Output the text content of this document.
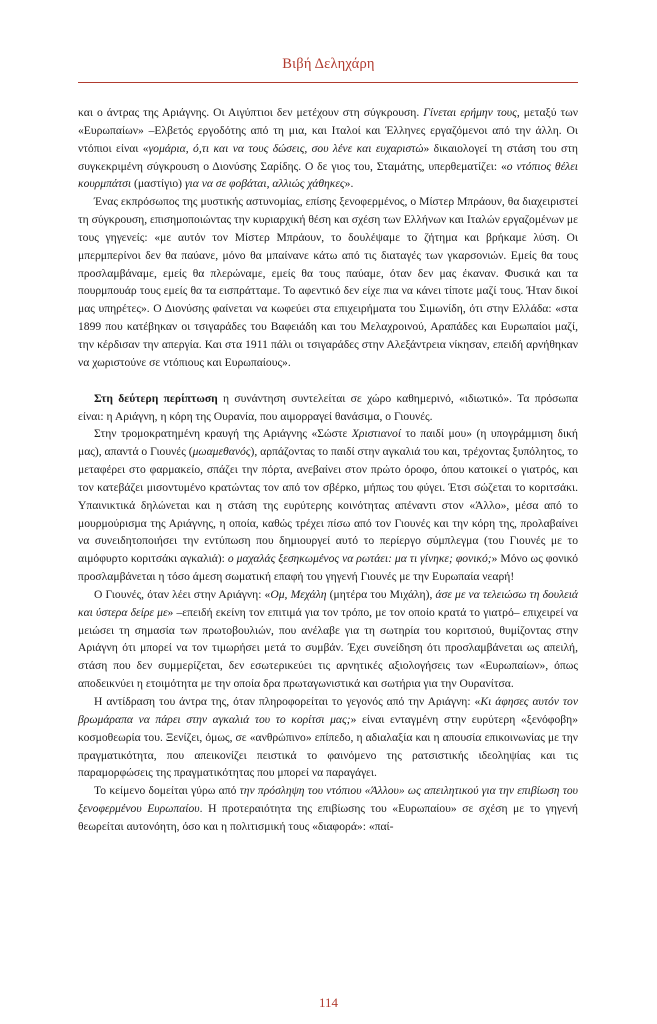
Βιβή Δεληχάρη

και ο άντρας της Αριάγνης. Οι Αιγύπτιοι δεν μετέχουν στη σύγκρουση. Γίνεται ερήμην τους, μεταξύ των «Ευρωπαίων» –Ελβετός εργοδότης από τη μια, και Ιταλοί και Έλληνες εργαζόμενοι από την άλλη. Οι ντόπιοι είναι «γομάρια, ό,τι και να τους δώσεις, σου λένε και ευχαριστώ» δικαιολογεί τη στάση του στη συγκεκριμένη σύγκρουση ο Διονύσης Σαρίδης. Ο δε γιος του, Σταμάτης, υπερθεματίζει: «ο ντόπιος θέλει κουρμπάτσι (μαστίγιο) για να σε φοβάται, αλλιώς χάθηκες».

Ένας εκπρόσωπος της μυστικής αστυνομίας, επίσης ξενοφερμένος, ο Μίστερ Μπράουν, θα διαχειριστεί τη σύγκρουση, επισημοποιώντας την κυριαρχική θέση και σχέση των Ελλήνων και Ιταλών εργαζομένων με τους γηγενείς: «με αυτόν τον Μίστερ Μπράουν, το δουλέψαμε το ζήτημα και βρήκαμε λύση. Οι μπερμπερίνοι δεν θα παύανε, μόνο θα μπαίνανε κάτω από τις διαταγές των γκαρσονιών. Εμείς θα τους προσλαμβάναμε, εμείς θα πλερώναμε, εμείς θα τους παύαμε, όταν δεν μας έκαναν. Φυσικά και τα πουρμπουάρ τους εμείς θα τα εισπράτταμε. Το αφεντικό δεν είχε πια να κάνει τίποτε μαζί τους. Ήταν δικοί μας υπηρέτες». Ο Διονύσης φαίνεται να κωφεύει στα επιχειρήματα του Σιμωνίδη, ότι στην Ελλάδα: «στα 1899 που κατέβηκαν οι τσιγαράδες του Βαφειάδη και του Μελαχροινού, Αραπάδες και Ευρωπαίοι μαζί, την κέρδισαν την απεργία. Και στα 1911 πάλι οι τσιγαράδες στην Αλεξάντρεια νίκησαν, επειδή αρνήθηκαν να χωριστούνε σε ντόπιους και Ευρωπαίους».

Στη δεύτερη περίπτωση η συνάντηση συντελείται σε χώρο καθημερινό, «ιδιωτικό». Τα πρόσωπα είναι: η Αριάγνη, η κόρη της Ουρανία, που αιμορραγεί θανάσιμα, ο Γιουνές.

Στην τρομοκρατημένη κραυγή της Αριάγνης «Σώστε Χριστιανοί το παιδί μου» (η υπογράμμιση δική μας), απαντά ο Γιουνές (μωαμεθανός), αρπάζοντας το παιδί στην αγκαλιά του και, τρέχοντας ξυπόλητος, το μεταφέρει στο φαρμακείο, σπάζει την πόρτα, ανεβαίνει στον πρώτο όροφο, όπου κατοικεί ο γιατρός, και τον κατεβάζει μισοντυμένο κρατώντας τον από τον σβέρκο, μήπως του φύγει. Έτσι σώζεται το κοριτσάκι. Υπαινικτικά δηλώνεται και η στάση της ευρύτερης κοινότητας απέναντι στον «Άλλο», μέσα από το μουρμούρισμα της Αριάγνης, η οποία, καθώς τρέχει πίσω από τον Γιουνές και την κόρη της, προλαβαίνει να συνειδητοποιήσει την εντύπωση που δημιουργεί αυτό το περίεργο σύμπλεγμα (του Γιουνές με το αιμόφυρτο κοριτσάκι αγκαλιά): ο μαχαλάς ξεσηκωμένος να ρωτάει: μα τι γίνηκε; φονικό;» Μόνο ως φονικό προσλαμβάνεται η τόσο άμεση σωματική επαφή του γηγενή Γιουνές με την Ευρωπαία νεαρή!

Ο Γιουνές, όταν λέει στην Αριάγνη: «Ομ, Μεχάλη (μητέρα του Μιχάλη), άσε με να τελειώσω τη δουλειά και ύστερα δείρε με» –επειδή εκείνη τον επιτιμά για τον τρόπο, με τον οποίο κρατά το γιατρό– επιχειρεί να μειώσει τη σημασία των πρωτοβουλιών, που ανέλαβε για τη σωτηρία του κοριτσιού, θυμίζοντας στην Αριάγνη ότι μπορεί να τον τιμωρήσει μετά το συμβάν. Έχει συνείδηση ότι προσλαμβάνεται ως απειλή, στάση που δεν συμμερίζεται, δεν εσωτερικεύει τις αρνητικές αξιολογήσεις των «Ευρωπαίων», όπως αποδεικνύει η ετοιμότητα με την οποία δρα πρωταγωνιστικά και σωτήρια για την Ουρανίτσα.

Η αντίδραση του άντρα της, όταν πληροφορείται το γεγονός από την Αριάγνη: «Κι άφησες αυτόν τον βρωμάραπα να πάρει στην αγκαλιά του το κορίτσι μας;» είναι ενταγμένη στην ευρύτερη «ξενόφοβη» κοσμοθεωρία του. Ξενίζει, όμως, σε «ανθρώπινο» επίπεδο, η αδιαλαξία και η απουσία επικοινωνίας με την πραγματικότητα, που απεικονίζει πειστικά το φαινόμενο της ρατσιστικής ιδεοληψίας και τις παραμορφώσεις της πραγματικότητας που μπορεί να παραγάγει.

Το κείμενο δομείται γύρω από την πρόσληψη του ντόπιου «Άλλου» ως απειλητικού για την επιβίωση του ξενοφερμένου Ευρωπαίου. Η προτεραιότητα της επιβίωσης του «Ευρωπαίου» σε σχέση με το γηγενή θεωρείται αυτονόητη, όσο και η πολιτισμική τους «διαφορά»: «παί-

114
